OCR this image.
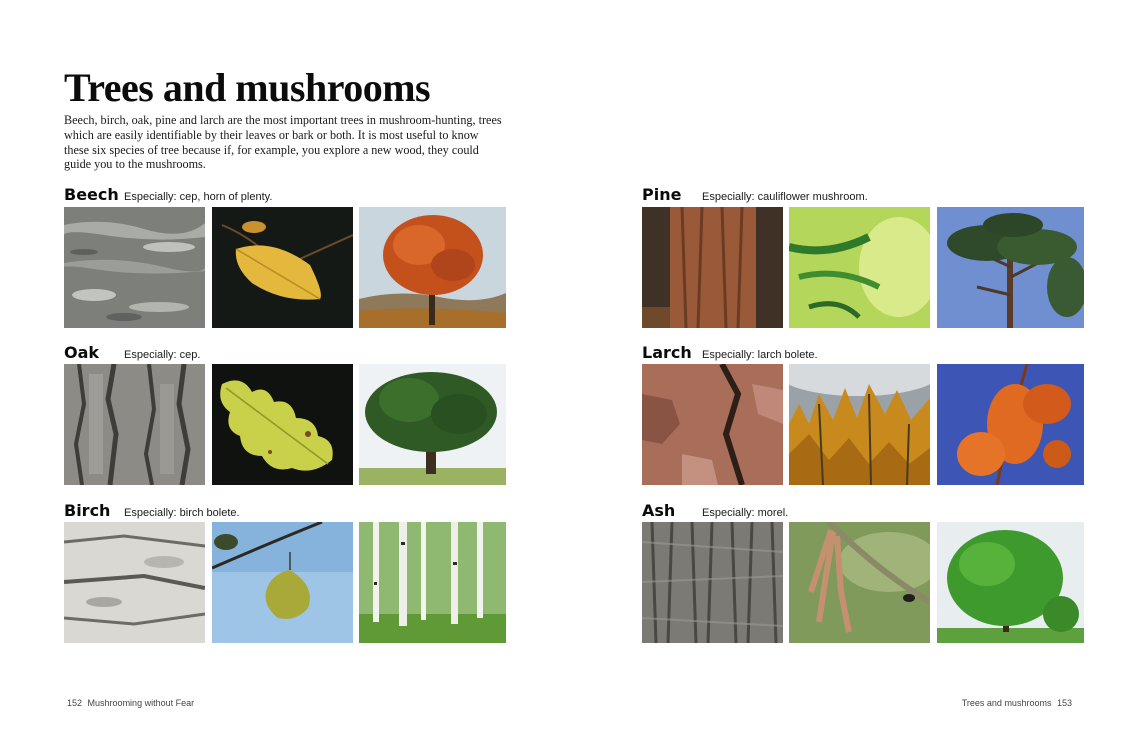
Trees and mushrooms

Beech, birch, oak, pine and larch are the most important trees in mushroom-hunting, trees which are easily identifiable by their leaves or bark or both. It is most useful to know these six species of tree because if, for example, you explore a new wood, they could guide you to the mushrooms.

Beech Especially: cep, horn of plenty.
Oak Especially: cep.
Birch Especially: birch bolete.
Pine Especially: cauliflower mushroom.
Larch Especially: larch bolete.
Ash Especially: morel.
152 Mushrooming without Fear	Trees and mushrooms 153
